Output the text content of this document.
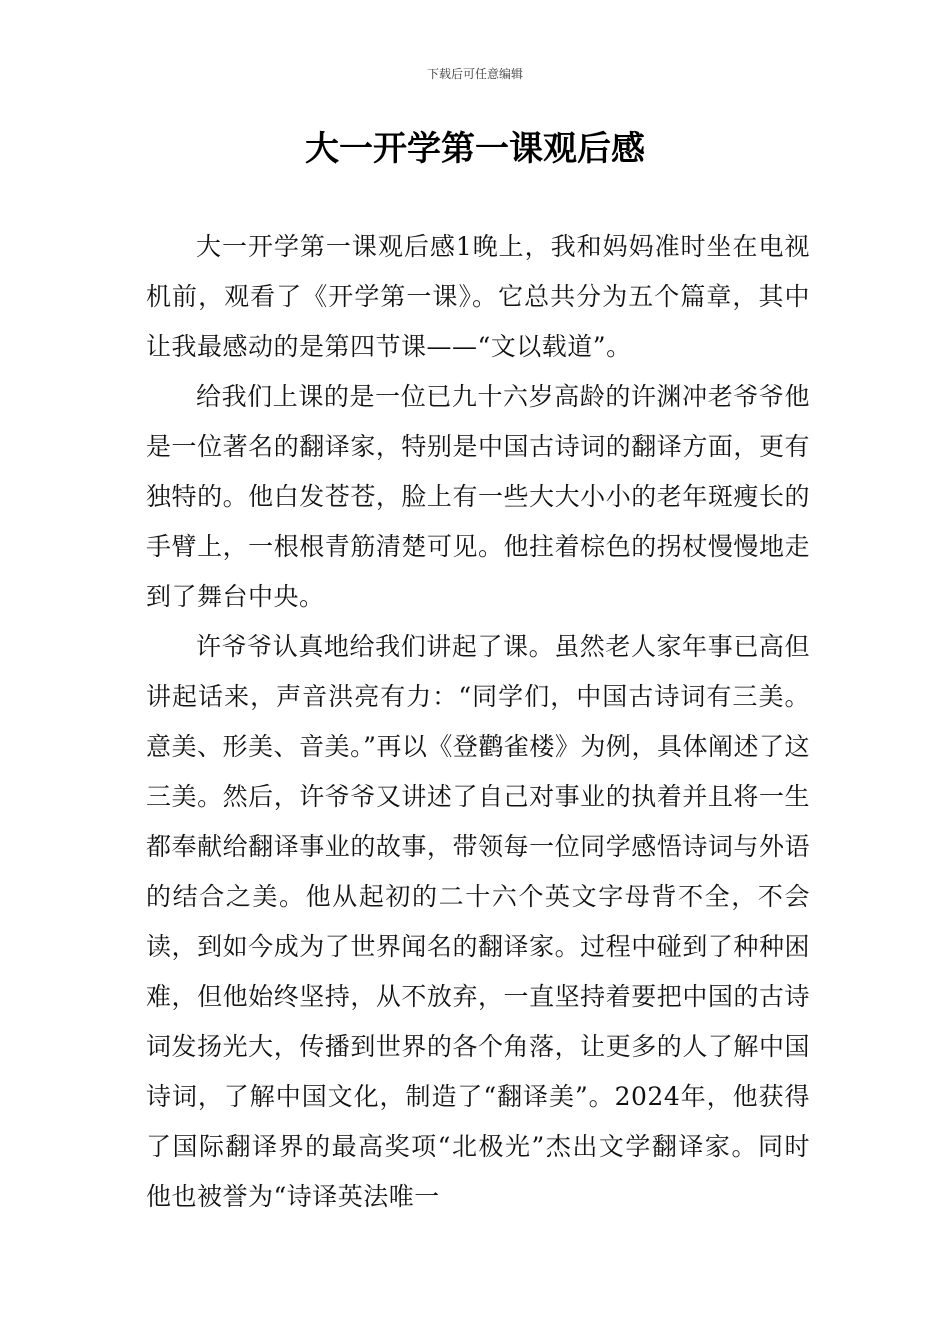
下载后可任意编辑
大一开学第一课观后感

大一开学第一课观后感1晚上，我和妈妈准时坐在电视机前，观看了《开学第一课》。它总共分为五个篇章，其中让我最感动的是第四节课——“文以载道”。

给我们上课的是一位已九十六岁高龄的许渊冲老爷爷他是一位著名的翻译家，特别是中国古诗词的翻译方面，更有独特的。他白发苍苍，脸上有一些大大小小的老年斑瘦长的手臂上，一根根青筋清楚可见。他拄着棕色的拐杖慢慢地走到了舞台中央。

许爷爷认真地给我们讲起了课。虽然老人家年事已高但讲起话来，声音洪亮有力：“同学们，中国古诗词有三美。意美、形美、音美。”再以《登鹳雀楼》为例，具体阐述了这三美。然后，许爷爷又讲述了自己对事业的执着并且将一生都奉献给翻译事业的故事，带领每一位同学感悟诗词与外语的结合之美。他从起初的二十六个英文字母背不全，不会读，到如今成为了世界闻名的翻译家。过程中碰到了种种困难，但他始终坚持，从不放弃，一直坚持着要把中国的古诗词发扬光大，传播到世界的各个角落，让更多的人了解中国诗词，了解中国文化，制造了“翻译美”。2024年，他获得了国际翻译界的最高奖项“北极光”杰出文学翻译家。同时他也被誉为“诗译英法唯一
